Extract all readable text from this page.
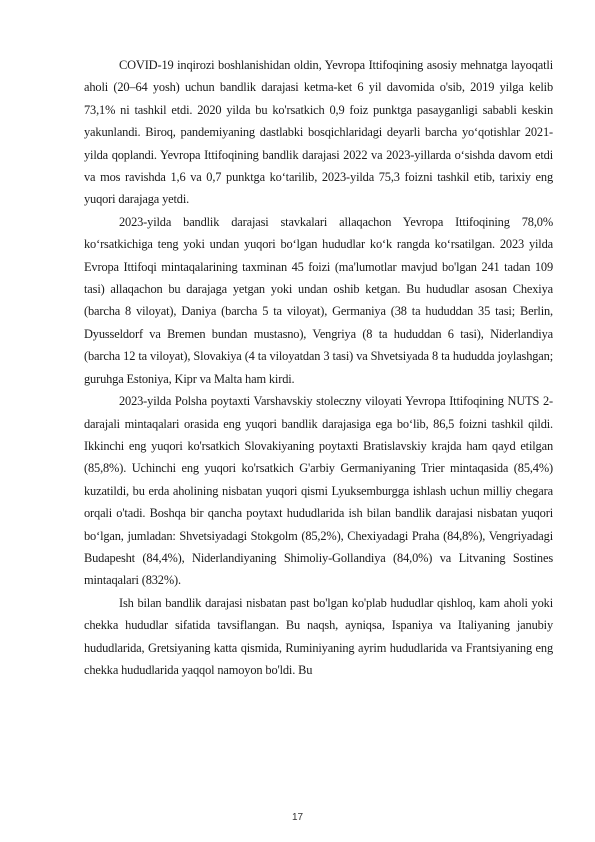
COVID-19 inqirozi boshlanishidan oldin, Yevropa Ittifoqining asosiy mehnatga layoqatli aholi (20–64 yosh) uchun bandlik darajasi ketma-ket 6 yil davomida o'sib, 2019 yilga kelib 73,1% ni tashkil etdi. 2020 yilda bu ko'rsatkich 0,9 foiz punktga pasayganligi sababli keskin yakunlandi. Biroq, pandemiyaning dastlabki bosqichlaridagi deyarli barcha yo‘qotishlar 2021-yilda qoplandi. Yevropa Ittifoqining bandlik darajasi 2022 va 2023-yillarda o‘sishda davom etdi va mos ravishda 1,6 va 0,7 punktga ko‘tarilib, 2023-yilda 75,3 foizni tashkil etib, tarixiy eng yuqori darajaga yetdi.

2023-yilda bandlik darajasi stavkalari allaqachon Yevropa Ittifoqining 78,0% ko‘rsatkichiga teng yoki undan yuqori bo‘lgan hududlar ko‘k rangda ko‘rsatilgan. 2023 yilda Evropa Ittifoqi mintaqalarining taxminan 45 foizi (ma'lumotlar mavjud bo'lgan 241 tadan 109 tasi) allaqachon bu darajaga yetgan yoki undan oshib ketgan. Bu hududlar asosan Chexiya (barcha 8 viloyat), Daniya (barcha 5 ta viloyat), Germaniya (38 ta hududdan 35 tasi; Berlin, Dyusseldorf va Bremen bundan mustasno), Vengriya (8 ta hududdan 6 tasi), Niderlandiya (barcha 12 ta viloyat), Slovakiya (4 ta viloyatdan 3 tasi) va Shvetsiyada 8 ta hududda joylashgan; guruhga Estoniya, Kipr va Malta ham kirdi.

2023-yilda Polsha poytaxti Varshavskiy stoleczny viloyati Yevropa Ittifoqining NUTS 2-darajali mintaqalari orasida eng yuqori bandlik darajasiga ega bo‘lib, 86,5 foizni tashkil qildi. Ikkinchi eng yuqori ko'rsatkich Slovakiyaning poytaxti Bratislavskiy krajda ham qayd etilgan (85,8%). Uchinchi eng yuqori ko'rsatkich G'arbiy Germaniyaning Trier mintaqasida (85,4%) kuzatildi, bu erda aholining nisbatan yuqori qismi Lyuksemburgga ishlash uchun milliy chegara orqali o'tadi. Boshqa bir qancha poytaxt hududlarida ish bilan bandlik darajasi nisbatan yuqori bo‘lgan, jumladan: Shvetsiyadagi Stokgolm (85,2%), Chexiyadagi Praha (84,8%), Vengriyadagi Budapesht (84,4%), Niderlandiyaning Shimoliy-Gollandiya (84,0%) va Litvaning Sostines mintaqalari (832%).

Ish bilan bandlik darajasi nisbatan past bo'lgan ko'plab hududlar qishloq, kam aholi yoki chekka hududlar sifatida tavsiflangan. Bu naqsh, ayniqsa, Ispaniya va Italiyaning janubiy hududlarida, Gretsiyaning katta qismida, Ruminiyaning ayrim hududlarida va Frantsiyaning eng chekka hududlarida yaqqol namoyon bo'ldi. Bu

17
